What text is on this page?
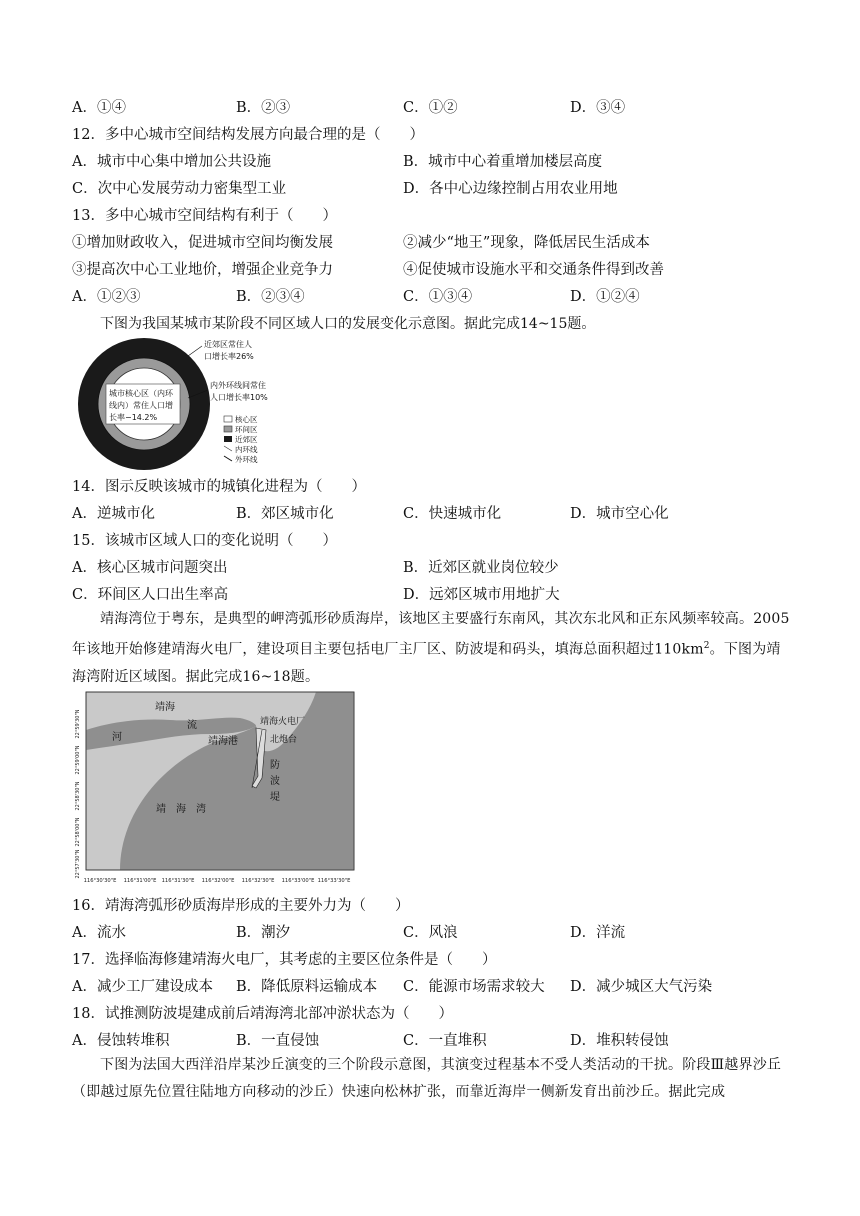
A．①④	B．②③	C．①②	D．③④
12．多中心城市空间结构发展方向最合理的是（　　）
A．城市中心集中增加公共设施	B．城市中心着重增加楼层高度
C．次中心发展劳动力密集型工业	D．各中心边缘控制占用农业用地
13．多中心城市空间结构有利于（　　）
①增加财政收入，促进城市空间均衡发展	②减少“地王”现象，降低居民生活成本
③提高次中心工业地价，增强企业竞争力	④促使城市设施水平和交通条件得到改善
A．①②③	B．②③④	C．①③④	D．①②④
下图为我国某城市某阶段不同区域人口的发展变化示意图。据此完成14~15题。
城市核心区（内环
线内）常住人口增
长率−14.2%
近郊区常住人
口增长率26%
内外环线间常住
人口增长率10%
核心区
环间区
近郊区
内环线
外环线
14．图示反映该城市的城镇化进程为（　　）
A．逆城市化	B．郊区城市化	C．快速城市化	D．城市空心化
15．该城市区域人口的变化说明（　　）
A．核心区城市问题突出	B．近郊区就业岗位较少
C．环间区人口出生率高	D．远郊区城市用地扩大
靖海湾位于粤东，是典型的岬湾弧形砂质海岸，该地区主要盛行东南风，其次东北风和正东风频率较高。2005年该地开始修建靖海火电厂，建设项目主要包括电厂主厂区、防波堤和码头，填海总面积超过$110km^2$。下图为靖海湾附近区域图。据此完成16~18题。
靖海
流
河	靖海港
靖海火电厂
北炮台
防
波
堤
靖　海　湾
22°59'30"N
22°59'00"N
22°58'30"N
22°58'00"N
22°57'30"N
116°30'30"E 116°31'00"E 116°31'30"E 116°32'00"E 116°32'30"E 116°33'00"E 116°33'30"E
16．靖海湾弧形砂质海岸形成的主要外力为（　　）
A．流水	B．潮汐	C．风浪	D．洋流
17．选择临海修建靖海火电厂，其考虑的主要区位条件是（　　）
A．减少工厂建设成本 B．降低原料运输成本 C．能源市场需求较大 D．减少城区大气污染
18．试推测防波堤建成前后靖海湾北部冲淤状态为（　　）
A．侵蚀转堆积	B．一直侵蚀	C．一直堆积	D．堆积转侵蚀
下图为法国大西洋沿岸某沙丘演变的三个阶段示意图，其演变过程基本不受人类活动的干扰。阶段Ⅲ越界沙丘（即越过原先位置往陆地方向移动的沙丘）快速向松林扩张，而靠近海岸一侧新发育出前沙丘。据此完成
